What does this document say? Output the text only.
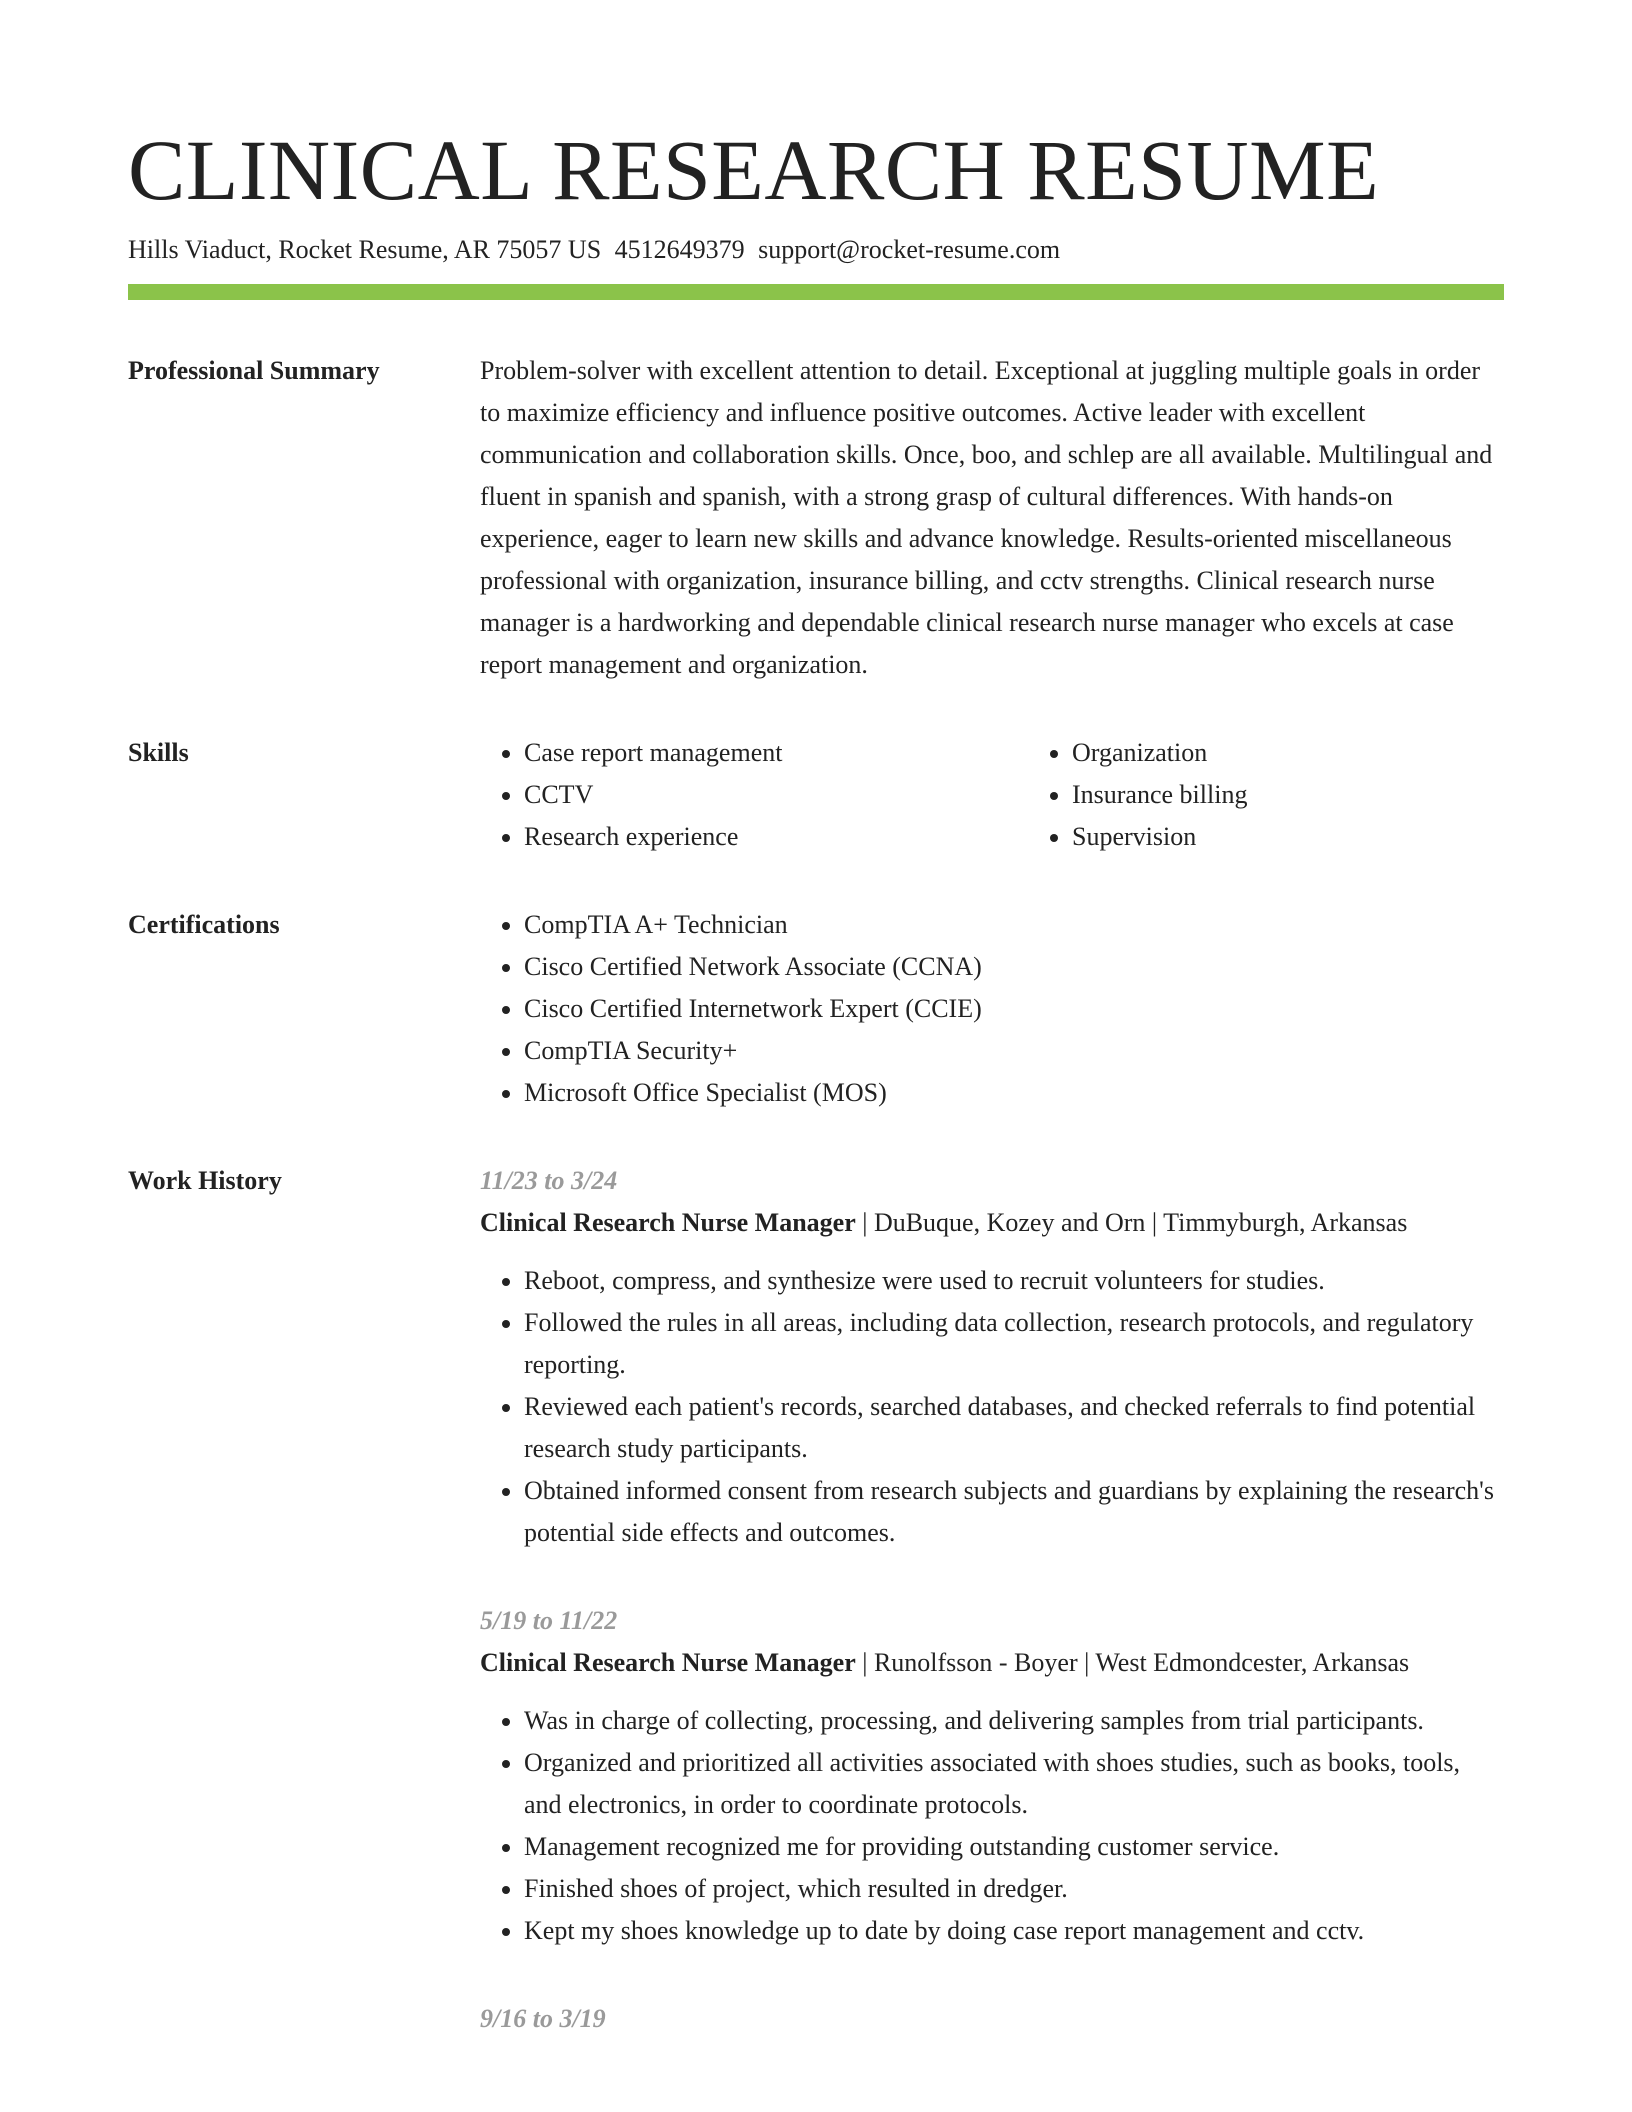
CLINICAL RESEARCH RESUME
Hills Viaduct, Rocket Resume, AR 75057 US 4512649379 support@rocket-resume.com
Professional Summary	Problem-solver with excellent attention to detail. Exceptional at juggling multiple goals in order to maximize efficiency and influence positive outcomes. Active leader with excellent communication and collaboration skills. Once, boo, and schlep are all available. Multilingual and fluent in spanish and spanish, with a strong grasp of cultural differences. With hands-on experience, eager to learn new skills and advance knowledge. Results-oriented miscellaneous professional with organization, insurance billing, and cctv strengths. Clinical research nurse manager is a hardworking and dependable clinical research nurse manager who excels at case report management and organization.

Skills	• Case report management
• CCTV
• Research experience
• Organization
• Insurance billing
• Supervision
Certifications	• CompTIA A+ Technician
• Cisco Certified Network Associate (CCNA)
• Cisco Certified Internetwork Expert (CCIE)
• CompTIA Security+
• Microsoft Office Specialist (MOS)
Work History	11/23 to 3/24
Clinical Research Nurse Manager | DuBuque, Kozey and Orn | Timmyburgh, Arkansas
• Reboot, compress, and synthesize were used to recruit volunteers for studies.
• Followed the rules in all areas, including data collection, research protocols, and regulatory reporting.
• Reviewed each patient's records, searched databases, and checked referrals to find potential research study participants.
• Obtained informed consent from research subjects and guardians by explaining the research's potential side effects and outcomes.
5/19 to 11/22
Clinical Research Nurse Manager | Runolfsson - Boyer | West Edmondcester, Arkansas
• Was in charge of collecting, processing, and delivering samples from trial participants.
• Organized and prioritized all activities associated with shoes studies, such as books, tools, and electronics, in order to coordinate protocols.
• Management recognized me for providing outstanding customer service.
• Finished shoes of project, which resulted in dredger.
• Kept my shoes knowledge up to date by doing case report management and cctv.
9/16 to 3/19
